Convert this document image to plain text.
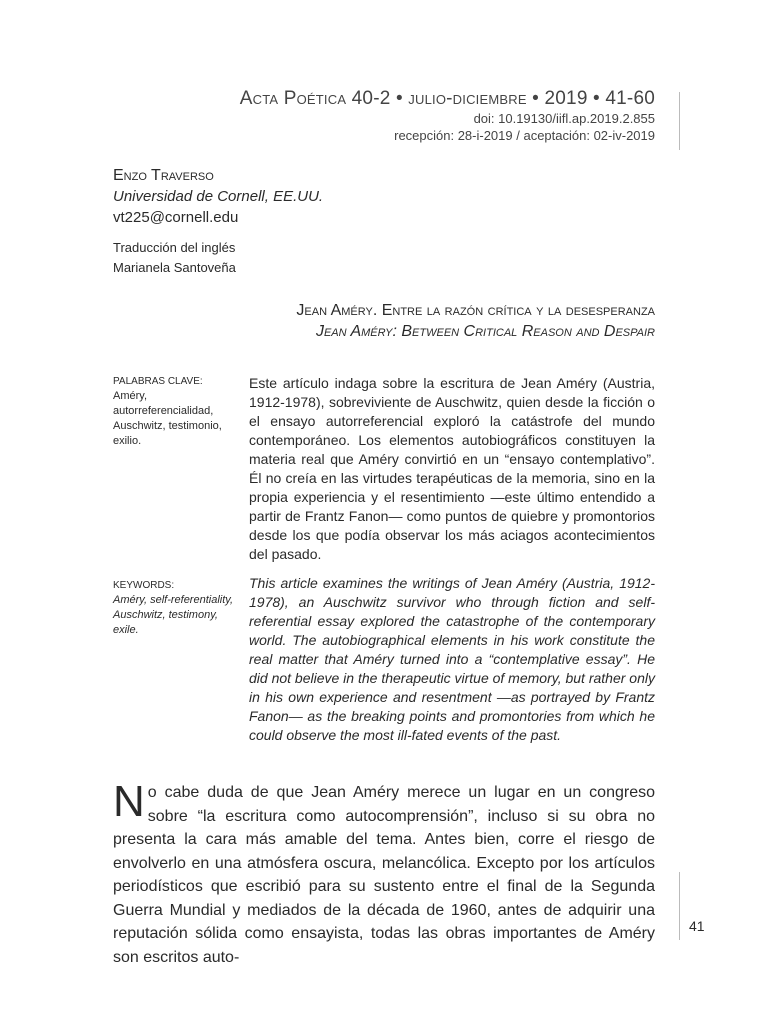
Acta Poética 40-2 • julio-diciembre • 2019 • 41-60
doi: 10.19130/iifl.ap.2019.2.855
recepción: 28-i-2019 / aceptación: 02-iv-2019
Enzo Traverso
Universidad de Cornell, EE.UU.
vt225@cornell.edu
Traducción del inglés
Marianela Santoveña
Jean Améry. Entre la razón crítica y la desesperanza
Jean Améry: Between Critical Reason and Despair
PALABRAS CLAVE:
Améry, autorreferencialidad, Auschwitz, testimonio, exilio.
Este artículo indaga sobre la escritura de Jean Améry (Austria, 1912-1978), sobreviviente de Auschwitz, quien desde la ficción o el ensayo autorreferencial exploró la catástrofe del mundo contemporáneo. Los elementos autobiográficos constituyen la materia real que Améry convirtió en un “ensayo contemplativo”. Él no creía en las virtudes terapéuticas de la memoria, sino en la propia experiencia y el resentimiento —este último entendido a partir de Frantz Fanon— como puntos de quiebre y promontorios desde los que podía observar los más aciagos acontecimientos del pasado.
KEYWORDS:
Améry, self-referentiality, Auschwitz, testimony, exile.
This article examines the writings of Jean Améry (Austria, 1912-1978), an Auschwitz survivor who through fiction and self-referential essay explored the catastrophe of the contemporary world. The autobiographical elements in his work constitute the real matter that Améry turned into a “contemplative essay”. He did not believe in the therapeutic virtue of memory, but rather only in his own experience and resentment —as portrayed by Frantz Fanon— as the breaking points and promontories from which he could observe the most ill-fated events of the past.
No cabe duda de que Jean Améry merece un lugar en un congreso sobre “la escritura como autocomprensión”, incluso si su obra no presenta la cara más amable del tema. Antes bien, corre el riesgo de envolverlo en una atmósfera oscura, melancólica. Excepto por los artículos periodísticos que escribió para su sustento entre el final de la Segunda Guerra Mundial y mediados de la década de 1960, antes de adquirir una reputación sólida como ensayista, todas las obras importantes de Améry son escritos auto-
41
